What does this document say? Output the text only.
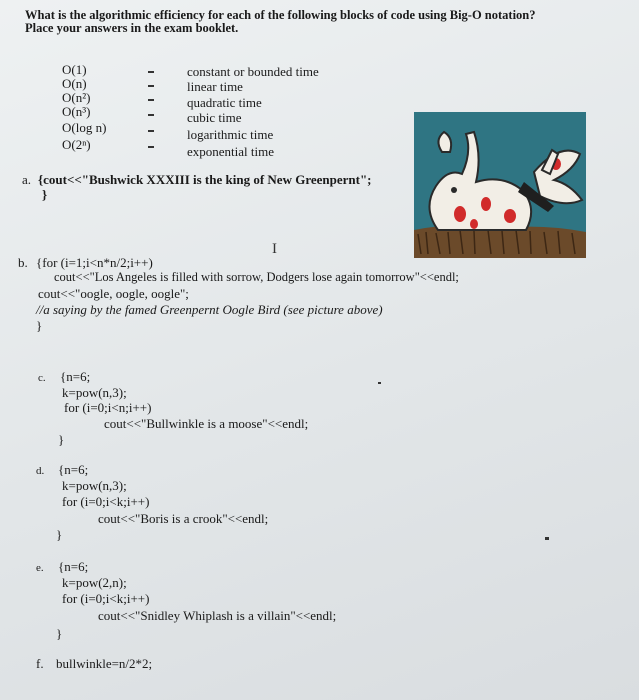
What is the algorithmic efficiency for each of the following blocks of code using Big-O notation?
Place your answers in the exam booklet.
O(1)
O(n)
O(n²)
O(n³)
O(log n)
O(2ⁿ)
constant or bounded time
linear time
quadratic time
cubic time
logarithmic time
exponential time
a. {cout<<"Bushwick XXXIII is the king of New Greenpernt";
}
I
b. {for (i=1;i<n*n/2;i++)
cout<<"Los Angeles is filled with sorrow, Dodgers lose again tomorrow"<<endl;
cout<<"oogle, oogle, oogle";
//a saying by the famed Greenpernt Oogle Bird (see picture above)
}
c. {n=6;
k=pow(n,3);
for (i=0;i<n;i++)
cout<<"Bullwinkle is a moose"<<endl;
}
d. {n=6;
k=pow(n,3);
for (i=0;i<k;i++)
cout<<"Boris is a crook"<<endl;
}
e. {n=6;
k=pow(2,n);
for (i=0;i<k;i++)
cout<<"Snidley Whiplash is a villain"<<endl;
}
f. bullwinkle=n/2*2;
